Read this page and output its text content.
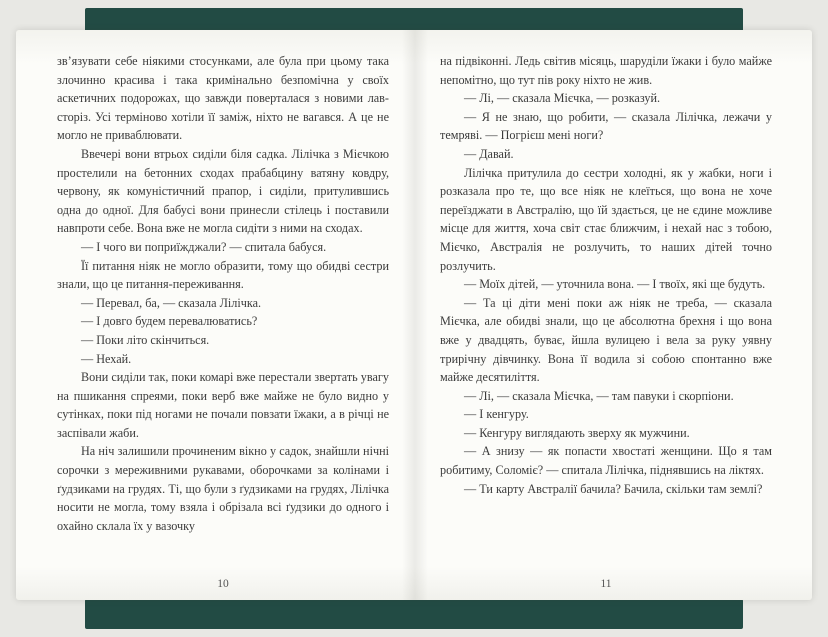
зв’язувати себе ніякими стосунками, але була при цьому така злочинно красива і така кримінально безпомічна у своїх аскетичних подорожах, що завжди поверталася з новими лав-сторіз. Усі терміново хотіли її заміж, ніхто не вагався. А це не могло не приваблювати.

Ввечері вони втрьох сиділи біля садка. Лілічка з Мієчкою простелили на бетонних сходах прабабцину ватяну ковдру, червону, як комуністичний прапор, і сиділи, притулившись одна до одної. Для бабусі вони принесли стілець і поставили навпроти себе. Вона вже не могла сидіти з ними на сходах.

— І чого ви поприїжджали? — спитала бабуся.

Її питання ніяк не могло образити, тому що обидві сестри знали, що це питання-переживання.

— Перевал, ба, — сказала Лілічка.

— І довго будем перевалюватись?

— Поки літо скінчиться.

— Нехай.

Вони сиділи так, поки комарі вже перестали звертать увагу на пшикання спреями, поки верб вже майже не було видно у сутінках, поки під ногами не почали повзати їжаки, а в річці не заспівали жаби.

На ніч залишили прочиненим вікно у садок, знайшли нічні сорочки з мереживними рукавами, оборочками за колінами і ґудзиками на грудях. Ті, що були з ґудзиками на грудях, Лілічка носити не могла, тому взяла і обрізала всі ґудзики до одного і охайно склала їх у вазочку

10

на підвіконні. Ледь світив місяць, шаруділи їжаки і було майже непомітно, що тут пів року ніхто не жив.

— Лі, — сказала Мієчка, — розказуй.

— Я не знаю, що робити, — сказала Лілічка, лежачи у темряві. — Погрієш мені ноги?

— Давай.

Лілічка притулила до сестри холодні, як у жабки, ноги і розказала про те, що все ніяк не клеїться, що вона не хоче переїзджати в Австралію, що їй здається, це не єдине можливе місце для життя, хоча світ стає ближчим, і нехай нас з тобою, Мієчко, Австралія не розлучить, то наших дітей точно розлучить.

— Моїх дітей, — уточнила вона. — І твоїх, які ще будуть.

— Та ці діти мені поки аж ніяк не треба, — сказала Мієчка, але обидві знали, що це абсолютна брехня і що вона вже у двадцять, буває, йшла вулицею і вела за руку уявну трирічну дівчинку. Вона її водила зі собою спонтанно вже майже десятиліття.

— Лі, — сказала Мієчка, — там павуки і скорпіони.

— І кенгуру.

— Кенгуру виглядають зверху як мужчини.

— А знизу — як попасти хвостаті женщини. Що я там робитиму, Соломіє? — спитала Лілічка, піднявшись на ліктях.

— Ти карту Австралії бачила? Бачила, скільки там землі?

11
